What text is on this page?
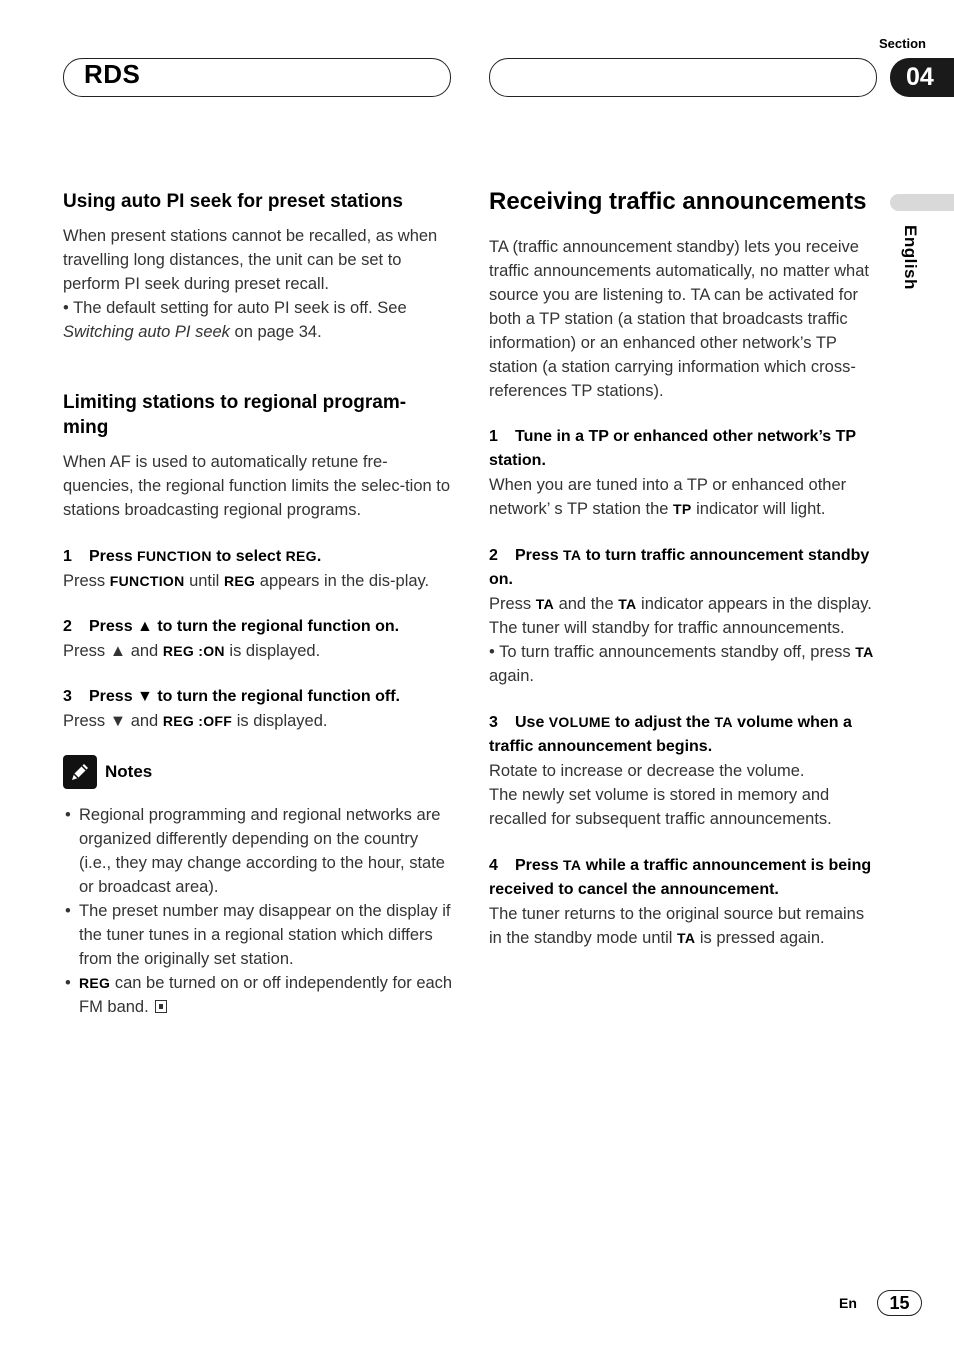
RDS
Section
04
English
Using auto PI seek for preset stations
When present stations cannot be recalled, as when travelling long distances, the unit can be set to perform PI seek during preset recall.
• The default setting for auto PI seek is off. See Switching auto PI seek on page 34.
Limiting stations to regional program-
ming
When AF is used to automatically retune fre-quencies, the regional function limits the selec-tion to stations broadcasting regional programs.
1 Press FUNCTION to select REG.
Press FUNCTION until REG appears in the dis-play.
2 Press ▲ to turn the regional function on.
Press ▲ and REG :ON is displayed.
3 Press ▼ to turn the regional function off.
Press ▼ and REG :OFF is displayed.
Notes
• Regional programming and regional networks are organized differently depending on the country (i.e., they may change according to the hour, state or broadcast area).
• The preset number may disappear on the display if the tuner tunes in a regional station which differs from the originally set station.
• REG can be turned on or off independently for each FM band.
Receiving traffic announcements
TA (traffic announcement standby) lets you receive traffic announcements automatically, no matter what source you are listening to. TA can be activated for both a TP station (a station that broadcasts traffic information) or an enhanced other network’s TP station (a station carrying information which cross-references TP stations).
1 Tune in a TP or enhanced other network’s TP station.
When you are tuned into a TP or enhanced other network’ s TP station the TP indicator will light.
2 Press TA to turn traffic announcement standby on.
Press TA and the TA indicator appears in the display. The tuner will standby for traffic announcements.
• To turn traffic announcements standby off, press TA again.
3 Use VOLUME to adjust the TA volume when a traffic announcement begins.
Rotate to increase or decrease the volume.
The newly set volume is stored in memory and recalled for subsequent traffic announcements.
4 Press TA while a traffic announcement is being received to cancel the announcement.
The tuner returns to the original source but remains in the standby mode until TA is pressed again.
En 15
